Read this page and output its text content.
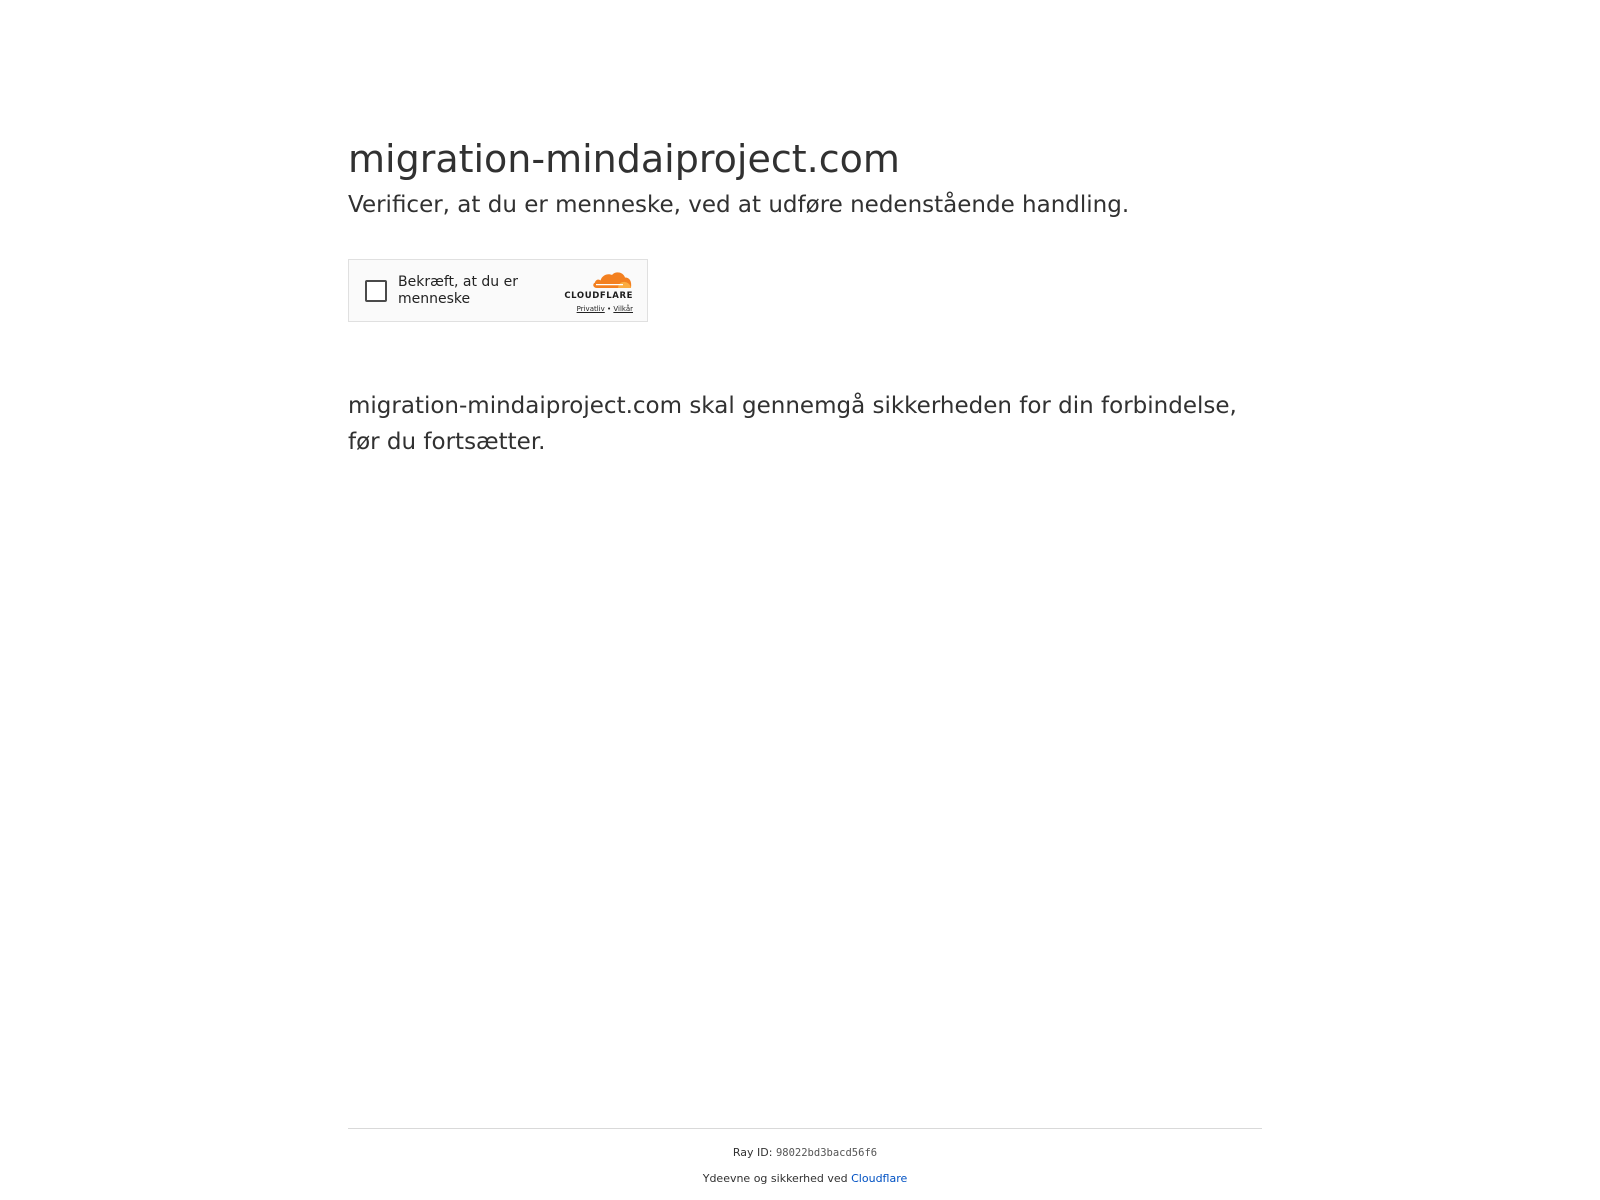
migration-mindaiproject.com
Verificer, at du er menneske, ved at udføre nedenstående handling.
Bekræft, at du er menneske	CLOUDFLARE
Privatliv • Vilkår

migration-mindaiproject.com skal gennemgå sikkerheden for din forbindelse, før du fortsætter.

Ray ID: 98022bd3bacd56f6
Ydeevne og sikkerhed ved Cloudflare
